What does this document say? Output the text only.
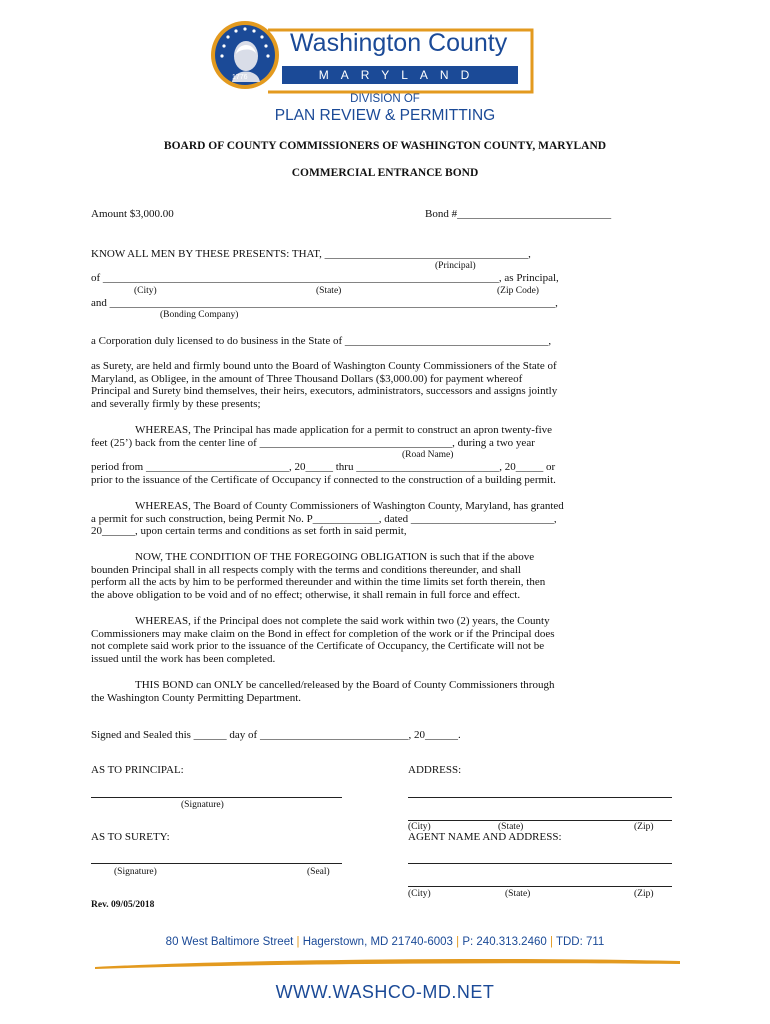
Washington County
MARYLAND
1776
DIVISION OF
PLAN REVIEW & PERMITTING
BOARD OF COUNTY COMMISSIONERS OF WASHINGTON COUNTY, MARYLAND
COMMERCIAL ENTRANCE BOND
Amount $3,000.00	Bond #____________________________
KNOW ALL MEN BY THESE PRESENTS: THAT, _____________________________________,
(Principal)
of ________________________________________________________________________, as Principal,
(City)	(State)	(Zip Code)
and _________________________________________________________________________________,
(Bonding Company)
a Corporation duly licensed to do business in the State of _____________________________________,
as Surety, are held and firmly bound unto the Board of Washington County Commissioners of the State of
Maryland, as Obligee, in the amount of Three Thousand Dollars ($3,000.00) for payment whereof
Principal and Surety bind themselves, their heirs, executors, administrators, successors and assigns jointly
and severally firmly by these presents;
WHEREAS, The Principal has made application for a permit to construct an apron twenty-five
feet (25’) back from the center line of ___________________________________, during a two year
(Road Name)
period from __________________________, 20_____ thru __________________________, 20_____ or
prior to the issuance of the Certificate of Occupancy if connected to the construction of a building permit.
WHEREAS, The Board of County Commissioners of Washington County, Maryland, has granted
a permit for such construction, being Permit No. P____________, dated __________________________,
20______, upon certain terms and conditions as set forth in said permit,
NOW, THE CONDITION OF THE FOREGOING OBLIGATION is such that if the above
bounden Principal shall in all respects comply with the terms and conditions thereunder, and shall
perform all the acts by him to be performed thereunder and within the time limits set forth therein, then
the above obligation to be void and of no effect; otherwise, it shall remain in full force and effect.
WHEREAS, if the Principal does not complete the said work within two (2) years, the County
Commissioners may make claim on the Bond in effect for completion of the work or if the Principal does
not complete said work prior to the issuance of the Certificate of Occupancy, the Certificate will not be
issued until the work has been completed.
THIS BOND can ONLY be cancelled/released by the Board of County Commissioners through
the Washington County Permitting Department.
Signed and Sealed this ______ day of ___________________________, 20______.
AS TO PRINCIPAL:	ADDRESS:
(Signature)
(City)	(State)	(Zip)
AS TO SURETY:	AGENT NAME AND ADDRESS:
(Signature)	(Seal)
(City)	(State)	(Zip)
Rev. 09/05/2018
80 West Baltimore Street | Hagerstown, MD 21740-6003 | P: 240.313.2460 | TDD: 711
WWW.WASHCO-MD.NET
